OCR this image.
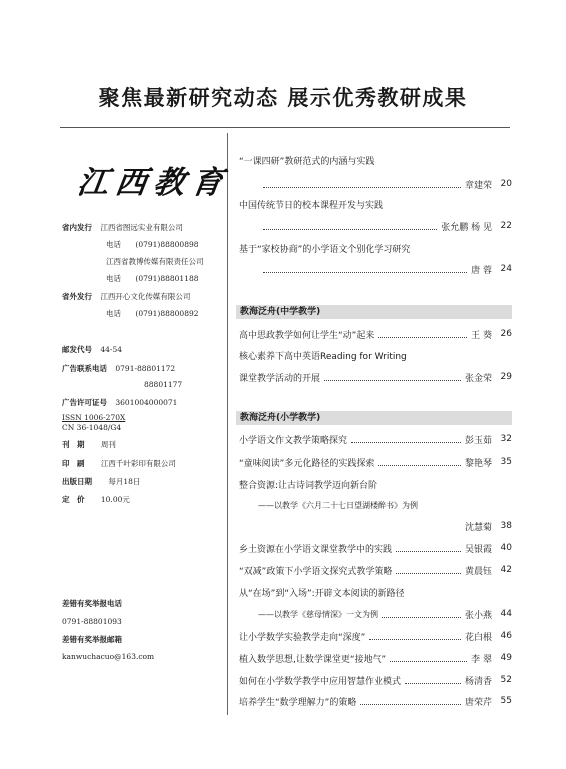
聚焦最新研究动态 展示优秀教研成果
江西教育
省内发行 江西省图远实业有限公司
电话 (0791)88800898
江西省教博传媒有限责任公司
电话 (0791)88801188
省外发行 江西开心文化传媒有限公司
电话 (0791)88800892
邮发代号 44-54
广告联系电话 0791-88801172
88801177
广告许可证号 3601004000071
ISSN 1006-270X
CN 36-1048/G4
刊　期 周刊
印　刷 江西千叶彩印有限公司
出版日期 每月18日
定　价 10.00元
差错有奖举报电话
0791-88801093
差错有奖举报邮箱
kanwuchacuo@163.com
“一课四研”教研范式的内涵与实践
章建荣 20
中国传统节日的校本课程开发与实践
张允鹏 杨 见 22
基于“家校协商”的小学语文个别化学习研究
唐 蓉 24
教海泛舟(中学教学)
高中思政教学如何让学生“动”起来	王 葵 26
核心素养下高中英语Reading for Writing
课堂教学活动的开展	张金荣 29
教海泛舟(小学教学)
小学语文作文教学策略探究	彭玉茹 32
“童味阅读”多元化路径的实践探索	黎艳琴 35
整合资源:让古诗词教学迈向新台阶
——以教学《六月二十七日望湖楼醉书》为例
沈慧菊 38
乡土资源在小学语文课堂教学中的实践	吴银霞 40
“双减”政策下小学语文探究式教学策略	黄晨钰 42
从“在场”到“入场”:开辟文本阅读的新路径
——以教学《慈母情深》一文为例	张小燕 44
让小学数学实验教学走向“深度”	花白根 46
植入数学思想,让数学课堂更“接地气”	李 翠 49
如何在小学数学教学中应用智慧作业模式	杨清香 52
培养学生“数学理解力”的策略	唐荣芹 55
